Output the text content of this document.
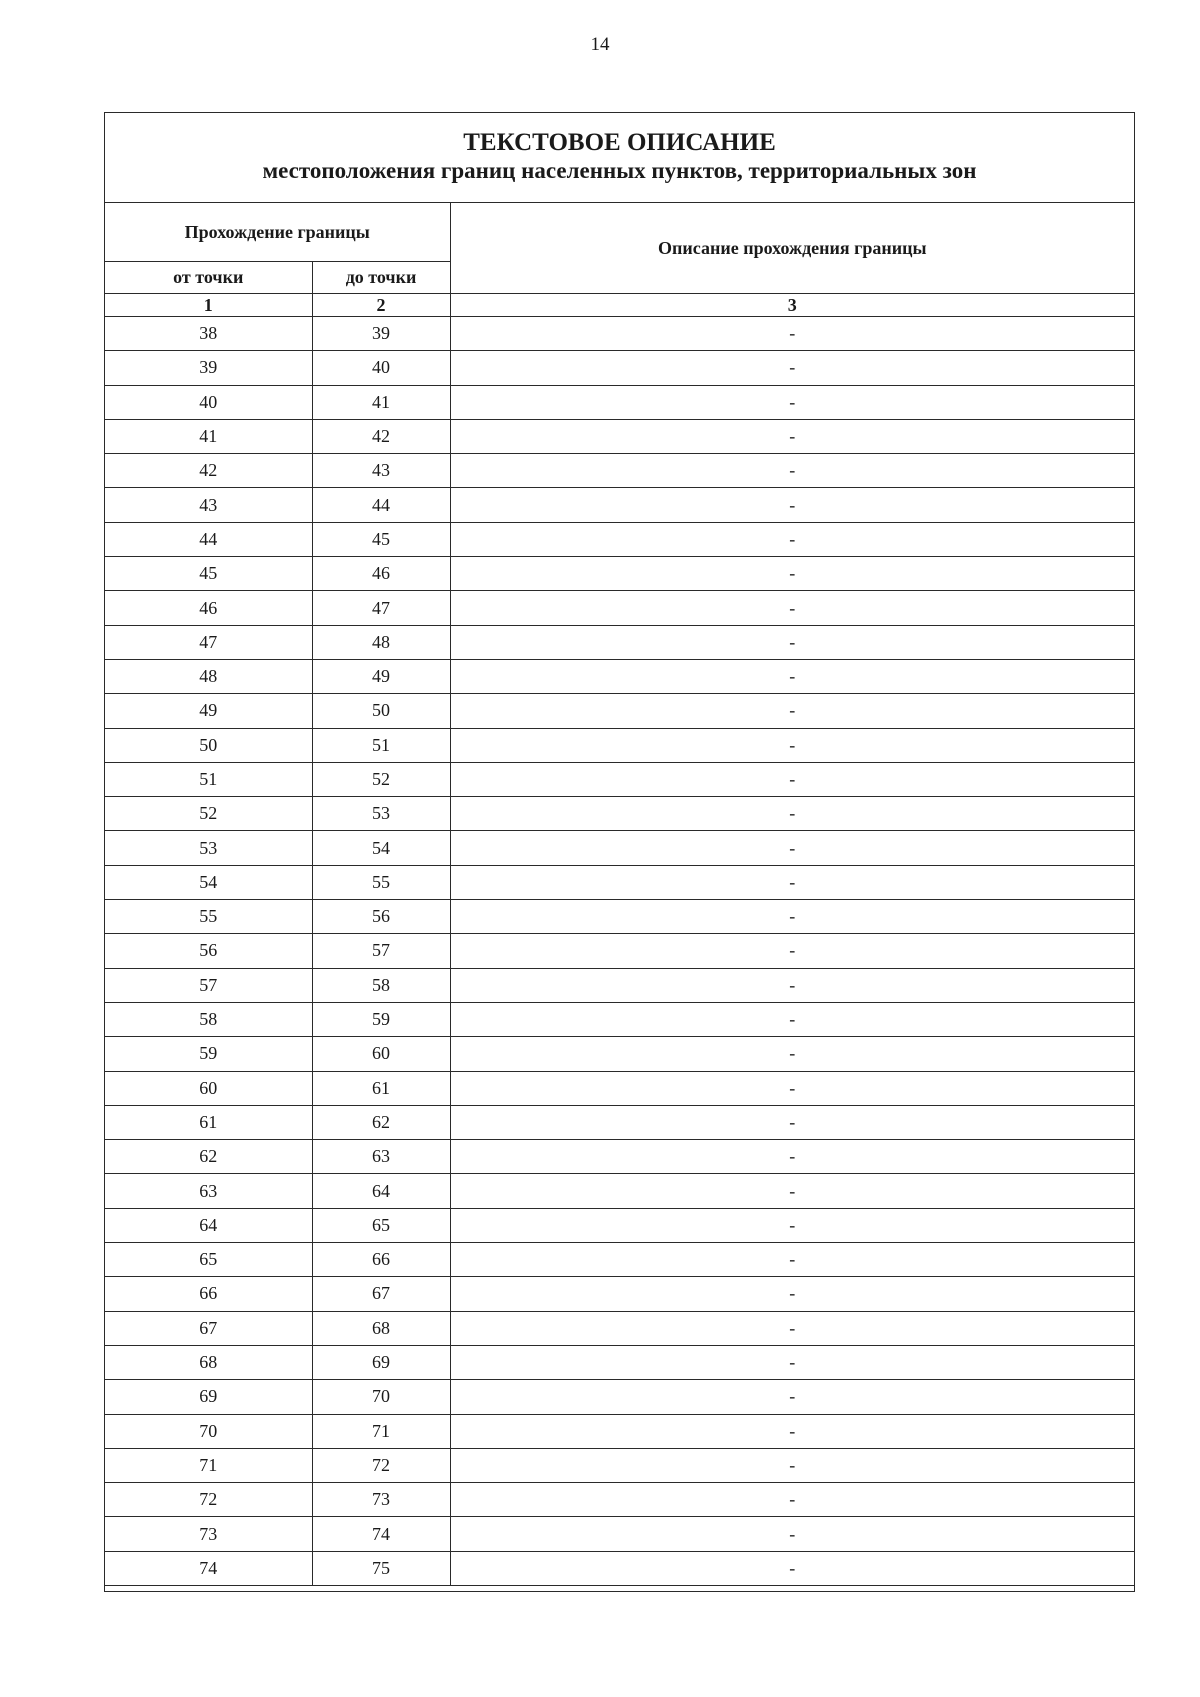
14
ТЕКСТОВОЕ ОПИСАНИЕ
местоположения границ населенных пунктов, территориальных зон
Прохождение границы		Описание прохождения границы
от точки	до точки	
1	2	3
38	39	-
39	40	-
40	41	-
41	42	-
42	43	-
43	44	-
44	45	-
45	46	-
46	47	-
47	48	-
48	49	-
49	50	-
50	51	-
51	52	-
52	53	-
53	54	-
54	55	-
55	56	-
56	57	-
57	58	-
58	59	-
59	60	-
60	61	-
61	62	-
62	63	-
63	64	-
64	65	-
65	66	-
66	67	-
67	68	-
68	69	-
69	70	-
70	71	-
71	72	-
72	73	-
73	74	-
74	75	-
